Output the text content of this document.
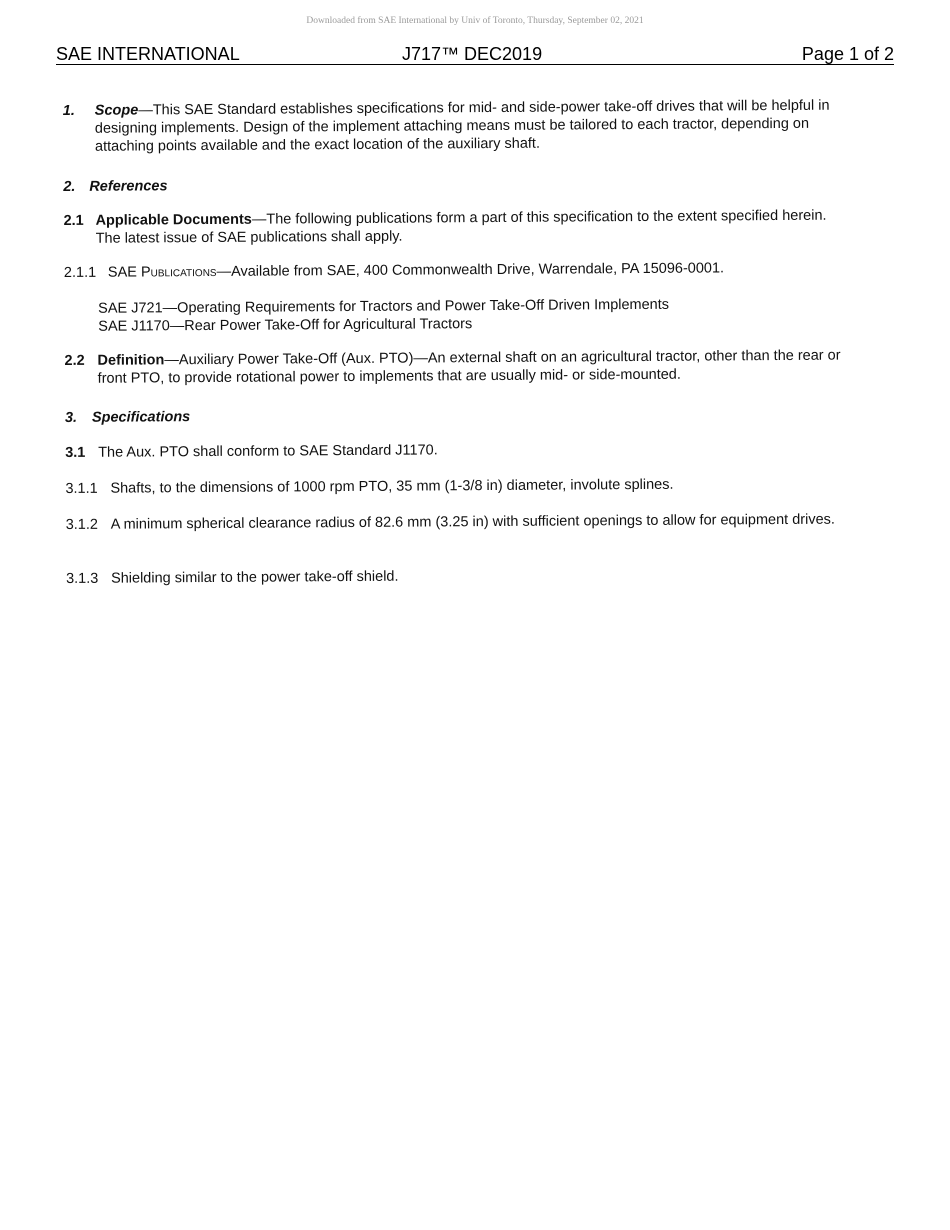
Downloaded from SAE International by Univ of Toronto, Thursday, September 02, 2021
SAE INTERNATIONAL	J717™ DEC2019	Page 1 of 2
1.	Scope—This SAE Standard establishes specifications for mid- and side-power take-off drives that will be helpful in designing implements. Design of the implement attaching means must be tailored to each tractor, depending on attaching points available and the exact location of the auxiliary shaft.
2. References
2.1 Applicable Documents—The following publications form a part of this specification to the extent specified herein. The latest issue of SAE publications shall apply.
2.1.1 SAE Publications—Available from SAE, 400 Commonwealth Drive, Warrendale, PA 15096-0001.
SAE J721—Operating Requirements for Tractors and Power Take-Off Driven Implements
SAE J1170—Rear Power Take-Off for Agricultural Tractors
2.2 Definition—Auxiliary Power Take-Off (Aux. PTO)—An external shaft on an agricultural tractor, other than the rear or front PTO, to provide rotational power to implements that are usually mid- or side-mounted.
3. Specifications
3.1 The Aux. PTO shall conform to SAE Standard J1170.
3.1.1 Shafts, to the dimensions of 1000 rpm PTO, 35 mm (1-3/8 in) diameter, involute splines.
3.1.2 A minimum spherical clearance radius of 82.6 mm (3.25 in) with sufficient openings to allow for equipment drives.
3.1.3 Shielding similar to the power take-off shield.
